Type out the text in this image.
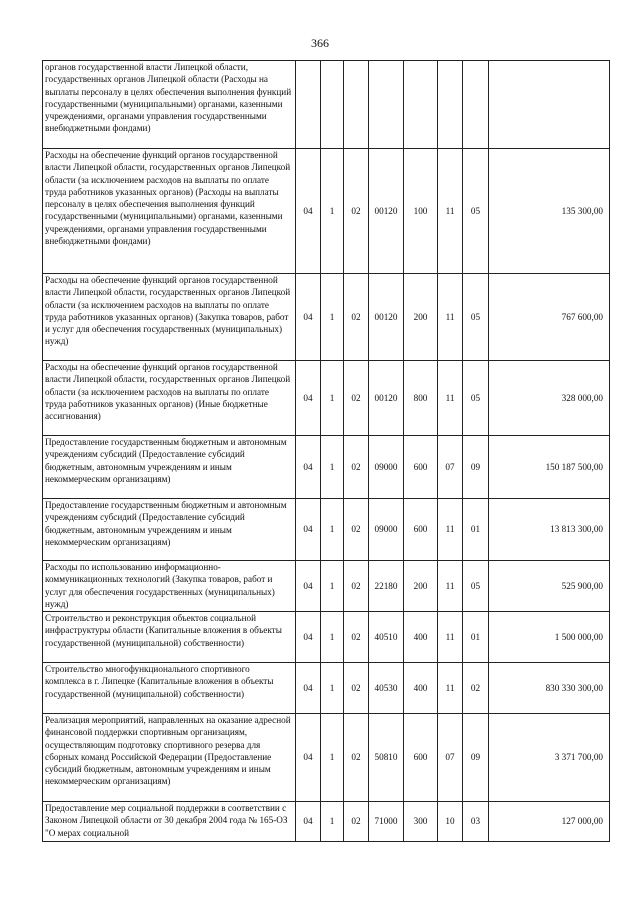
366
органов государственной власти Липецкой области, государственных органов Липецкой области (Расходы на выплаты персоналу в целях обеспечения выполнения функций государственными (муниципальными) органами, казенными учреждениями, органами управления государственными внебюджетными фондами)								
Расходы на обеспечение функций органов государственной власти Липецкой области, государственных органов Липецкой области (за исключением расходов на выплаты по оплате труда работников указанных органов) (Расходы на выплаты персоналу в целях обеспечения выполнения функций государственными (муниципальными) органами, казенными учреждениями, органами управления государственными внебюджетными фондами)	04	1	02	00120	100	11	05	135 300,00
Расходы на обеспечение функций органов государственной власти Липецкой области, государственных органов Липецкой области (за исключением расходов на выплаты по оплате труда работников указанных органов) (Закупка товаров, работ и услуг для обеспечения государственных (муниципальных) нужд)	04	1	02	00120	200	11	05	767 600,00
Расходы на обеспечение функций органов государственной власти Липецкой области, государственных органов Липецкой области (за исключением расходов на выплаты по оплате труда работников указанных органов) (Иные бюджетные ассигнования)	04	1	02	00120	800	11	05	328 000,00
Предоставление государственным бюджетным и автономным учреждениям субсидий (Предоставление субсидий бюджетным, автономным учреждениям и иным некоммерческим организациям)	04	1	02	09000	600	07	09	150 187 500,00
Предоставление государственным бюджетным и автономным учреждениям субсидий (Предоставление субсидий бюджетным, автономным учреждениям и иным некоммерческим организациям)	04	1	02	09000	600	11	01	13 813 300,00
Расходы по использованию информационно-коммуникационных технологий (Закупка товаров, работ и услуг для обеспечения государственных (муниципальных) нужд)	04	1	02	22180	200	11	05	525 900,00
Строительство и реконструкция объектов социальной инфраструктуры области (Капитальные вложения в объекты государственной (муниципальной) собственности)	04	1	02	40510	400	11	01	1 500 000,00
Строительство многофункционального спортивного комплекса в г. Липецке (Капитальные вложения в объекты государственной (муниципальной) собственности)	04	1	02	40530	400	11	02	830 330 300,00
Реализация мероприятий, направленных на оказание адресной финансовой поддержки спортивным организациям, осуществляющим подготовку спортивного резерва для сборных команд Российской Федерации (Предоставление субсидий бюджетным, автономным учреждениям и иным некоммерческим организациям)	04	1	02	50810	600	07	09	3 371 700,00
Предоставление мер социальной поддержки в соответствии с Законом Липецкой области от 30 декабря 2004 года № 165-ОЗ "О мерах социальной	04	1	02	71000	300	10	03	127 000,00
